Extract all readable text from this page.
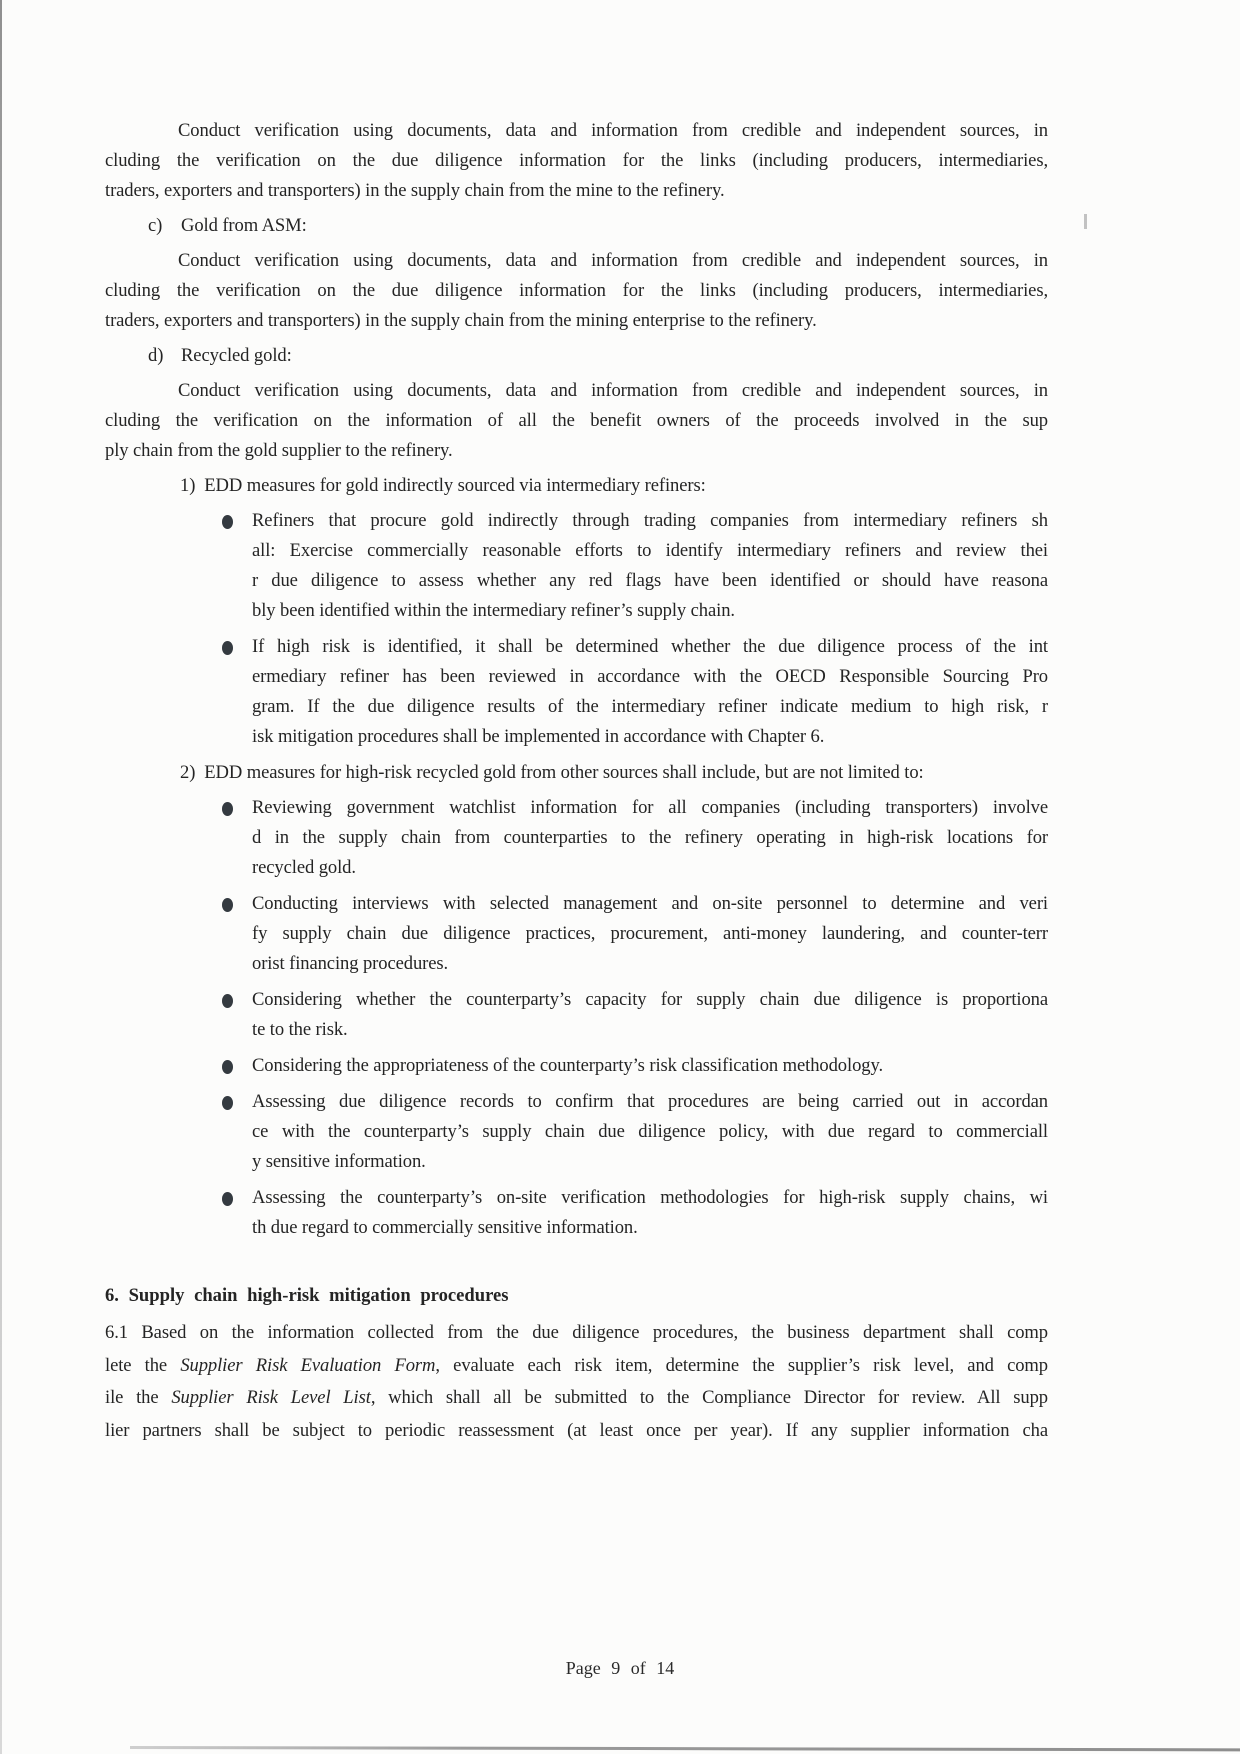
Conduct verification using documents, data and information from credible and independent sources, in
cluding the verification on the due diligence information for the links (including producers, intermediaries,
traders, exporters and transporters) in the supply chain from the mine to the refinery.
c) Gold from ASM:
Conduct verification using documents, data and information from credible and independent sources, in
cluding the verification on the due diligence information for the links (including producers, intermediaries,
traders, exporters and transporters) in the supply chain from the mining enterprise to the refinery.
d) Recycled gold:
Conduct verification using documents, data and information from credible and independent sources, in
cluding the verification on the information of all the benefit owners of the proceeds involved in the sup
ply chain from the gold supplier to the refinery.
1) EDD measures for gold indirectly sourced via intermediary refiners:
Refiners that procure gold indirectly through trading companies from intermediary refiners sh
all: Exercise commercially reasonable efforts to identify intermediary refiners and review thei
r due diligence to assess whether any red flags have been identified or should have reasona
bly been identified within the intermediary refiner’s supply chain.
If high risk is identified, it shall be determined whether the due diligence process of the int
ermediary refiner has been reviewed in accordance with the OECD Responsible Sourcing Pro
gram. If the due diligence results of the intermediary refiner indicate medium to high risk, r
isk mitigation procedures shall be implemented in accordance with Chapter 6.
2) EDD measures for high-risk recycled gold from other sources shall include, but are not limited to:
Reviewing government watchlist information for all companies (including transporters) involve
d in the supply chain from counterparties to the refinery operating in high-risk locations for
recycled gold.
Conducting interviews with selected management and on-site personnel to determine and veri
fy supply chain due diligence practices, procurement, anti-money laundering, and counter-terr
orist financing procedures.
Considering whether the counterparty’s capacity for supply chain due diligence is proportiona
te to the risk.
Considering the appropriateness of the counterparty’s risk classification methodology.
Assessing due diligence records to confirm that procedures are being carried out in accordan
ce with the counterparty’s supply chain due diligence policy, with due regard to commerciall
y sensitive information.
Assessing the counterparty’s on-site verification methodologies for high-risk supply chains, wi
th due regard to commercially sensitive information.
6. Supply chain high-risk mitigation procedures
6.1 Based on the information collected from the due diligence procedures, the business department shall comp
lete the Supplier Risk Evaluation Form, evaluate each risk item, determine the supplier’s risk level, and comp
ile the Supplier Risk Level List, which shall all be submitted to the Compliance Director for review. All supp
lier partners shall be subject to periodic reassessment (at least once per year). If any supplier information cha
Page 9 of 14
